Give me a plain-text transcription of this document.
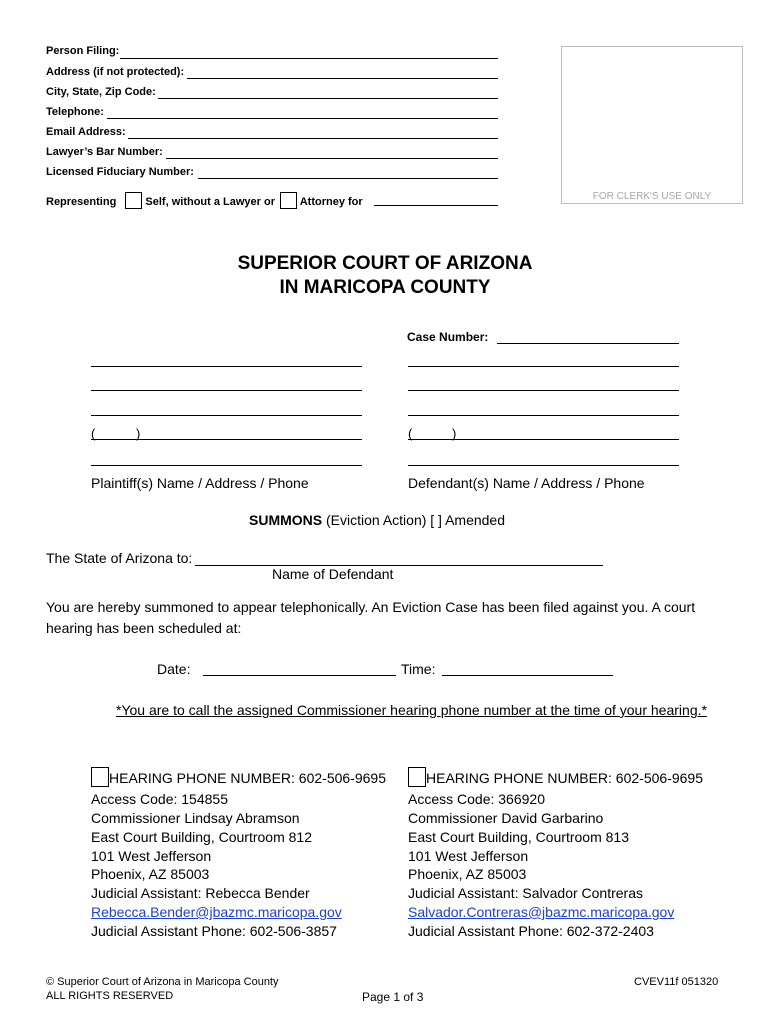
Person Filing:
Address (if not protected):
City, State, Zip Code:
Telephone:
Email Address:
Lawyer’s Bar Number:
Licensed Fiduciary Number:
Representing	Self, without a Lawyer or Attorney for	FOR CLERK'S USE ONLY
SUPERIOR COURT OF ARIZONA
IN MARICOPA COUNTY
Case Number:
(	)
Plaintiff(s) Name / Address / Phone
(	)
Defendant(s) Name / Address / Phone
SUMMONS (Eviction Action) [ ] Amended
The State of Arizona to:
Name of Defendant
You are hereby summoned to appear telephonically. An Eviction Case has been filed against you. A court
hearing has been scheduled at:
Date:	Time:
*You are to call the assigned Commissioner hearing phone number at the time of your hearing.*
HEARING PHONE NUMBER: 602-506-9695
Access Code: 154855
Commissioner Lindsay Abramson
East Court Building, Courtroom 812
101 West Jefferson
Phoenix, AZ 85003
Judicial Assistant: Rebecca Bender
Rebecca.Bender@jbazmc.maricopa.gov
Judicial Assistant Phone: 602-506-3857
HEARING PHONE NUMBER: 602-506-9695
Access Code: 366920
Commissioner David Garbarino
East Court Building, Courtroom 813
101 West Jefferson
Phoenix, AZ 85003
Judicial Assistant: Salvador Contreras
Salvador.Contreras@jbazmc.maricopa.gov
Judicial Assistant Phone: 602-372-2403
© Superior Court of Arizona in Maricopa County
ALL RIGHTS RESERVED	Page 1 of 3
CVEV11f 051320
